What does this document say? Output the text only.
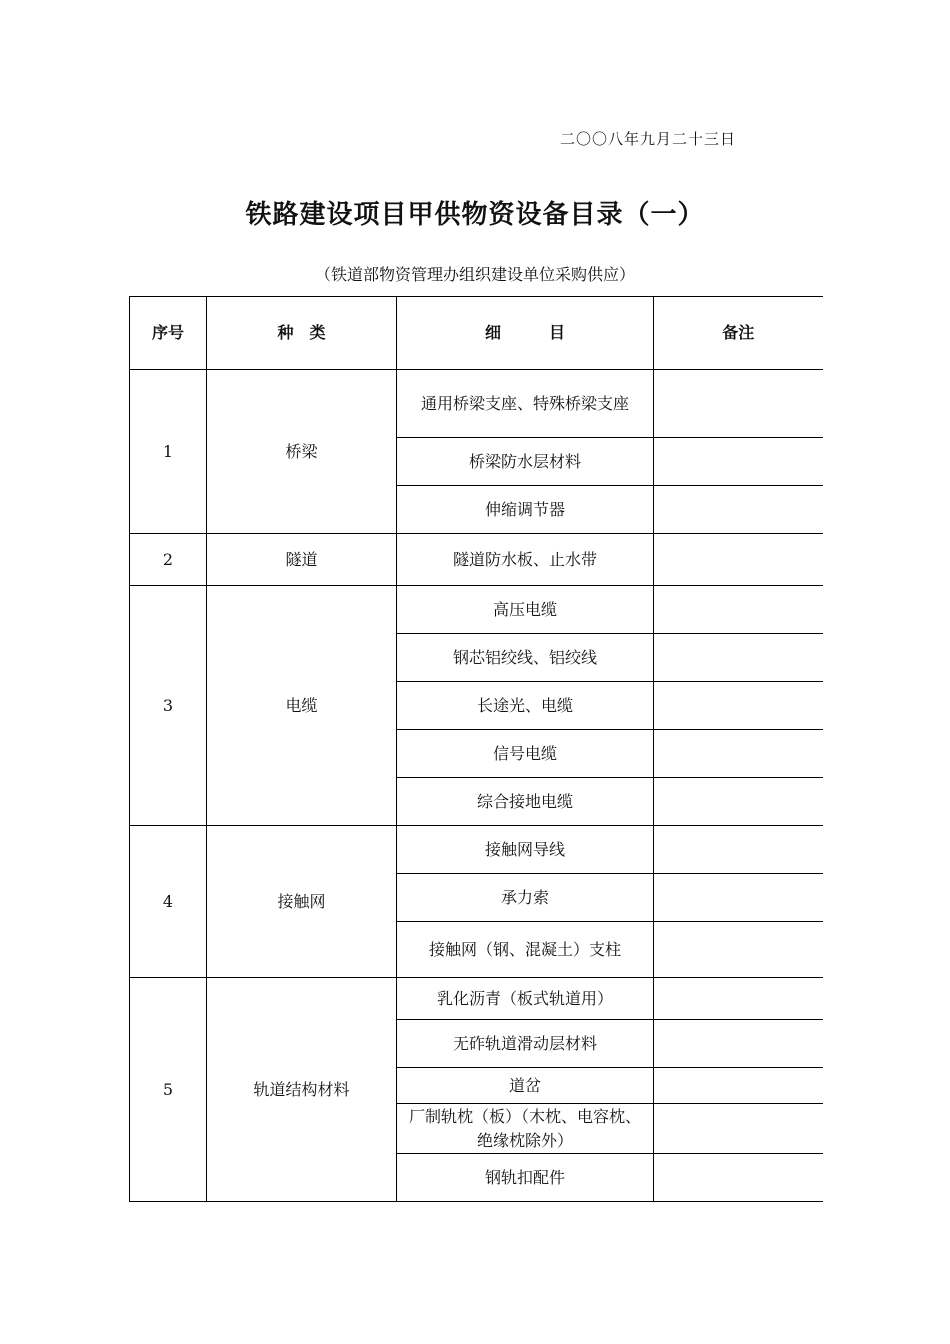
二〇〇八年九月二十三日
铁路建设项目甲供物资设备目录（一）
（铁道部物资管理办组织建设单位采购供应）
序号	种　类	细　　　目	备注
1	桥梁	通用桥梁支座、特殊桥梁支座	
		桥梁防水层材料	
		伸缩调节器	
2	隧道	隧道防水板、止水带	
3	电缆	高压电缆	
		钢芯铝绞线、铝绞线	
		长途光、电缆	
		信号电缆	
		综合接地电缆	
4	接触网	接触网导线	
		承力索	
		接触网（钢、混凝土）支柱	
5	轨道结构材料	乳化沥青（板式轨道用）	
		无砟轨道滑动层材料	
		道岔	
		厂制轨枕（板）（木枕、电容枕、绝缘枕除外）	
		钢轨扣配件	
